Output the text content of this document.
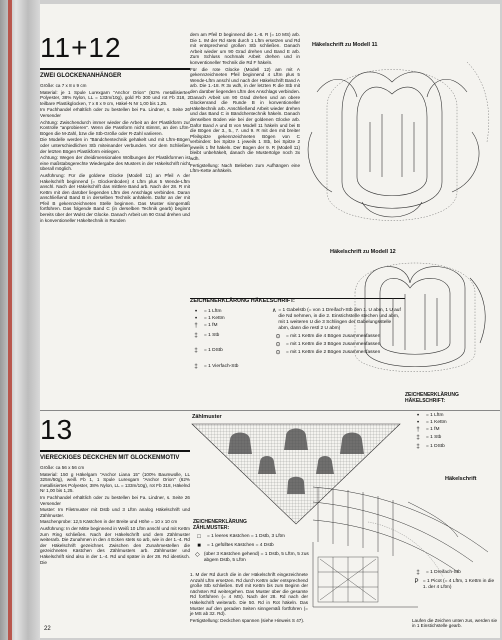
11+12
ZWEI GLOCKENANHÄNGER
Größe: ca 7 x 8 x 9 cm
Material: je 1 Spule Lurexgarn "Anchor Orion" (62% metallisiertes Polyester, 38% Nylon, LL = 133m/10g), gold Fb 300 und rot Fb 318, 2 teilbare Plastikglocken, 7 x 8 x 9 cm, Häkel-N Nr 1,00 bis 1,25.
Im Fachhandel erhältlich oder zu bestellen bei Fa. Lindner, s. Seite 26 Versender
Achtung: Zwischendurch immer wieder die Arbeit an der Plastikform zur Kontrolle "anprobieren". Wenn die Passform nicht stimmt, an den Lftm-Bögen die M-Zahl, bzw die Stb-Größe oder R-Zahl variieren.
Die Modelle werden in "Bändchentechnik gehäkelt und mit Lftm-Bögen oder unterschiedlichen Stb miteinander verbunden. Vor dem Schließen der letzten Bögen Plastikform einlegen.
Achtung: Wegen der dreidimensionalen Wölbungen der Plastikformen ist eine maßstabsgerechte Wiedergabe des Musters in der Häkelschrift nicht überall möglich.
Ausführung: Für die goldene Glocke (Modell 11) an Pfeil A der Häkelschrift beginnend (= Glockenboden) 4 Lftm plus 5 Wende-Lftm anschl. Nach der Häkelschrift das mittlere Band arb. Nach der 28. R mit Kettm mit den darüber liegenden Lftm des Anschlags verbinden. Daran anschließend Band B in derselben Technik anhäkeln. Dafür an der mit Pfeil B gekennzeichneten Stelle beginnen. Das Muster sinngemäß fortführen. Das folgende Band C (in derselben Technik gearb) beginnt bereits über der Wulst der Glocke. Danach Arbeit um 90 Grad drehen und in konventioneller Häkeltechnik in Runden
dem am Pfeil D beginnend die 1.-8. R (= 10 MS) arb. Die 1. IM der Rd stets durch 1 Lftm ersetzen und Rd mit entsprechend großen Stb schließen. Danach Arbeit wieder um 90 Grad drehen und Band E arb. Zum Schluss nochmals Arbeit drehen und in konventioneller Technik die Rd F häkeln.
Für die rote Glocke (Modell 12) am mit A gekennzeichneten Pfeil beginnend 4 Lftm plus 5 Wende-Lftm anschl und nach der Häkelschrift Band A arb. Die 1.-18. R 3x wdh, in der letzten R die Stb mit den darüber liegenden Lftm des Anschlags verbinden. Danach Arbeit um 90 Grad drehen und an obere Glockenrand die Runde B in konventioneller Häkeltechnik arb. Anschließend Arbeit wieder drehen und das Band C in Bändchentechnik häkeln. Danach denselben Boden wie bei der goldenen Glocke arb. Dafür Band A und B von Modell 11 häkeln und bei B die Bögen der 3., 5., 7. und 9. R mit den mit breiter Pfeilspitze gekennzeichneten Bögen von C verbinden: bei Spitze 1 jeweils 1 Stb, bei Spitze 2 jeweils 1 fM häkeln. Der Bogen der 9. R (Modell 11) bleibt unbehäkelt, danach die Mustertolge noch 3x wdh.
Fertigstellung: Nach Belieben zum Aufhängen eine Lftm-Kette anhäkeln.
ZEICHENERKLÄRUNG HÄKELSCHRIFT:
•	= 1 Lftm
•	= 1 Kettm
†	= 1 fM
‡	= 1 Stb
‡	= 1 DStb
‡	= 1 Vierfach-Stb
∧ = 1 Gabelstb (= von 1 Dreifach-Stb den 1. U abm, 1 U auf die Nd nehmen, in die 2. Einstichstelle stechen und abm, mit 1 weiteren U die 3 Schlingen der Gabelungsstelle abm, dann die restl 2 U abm)
⊙	= mit 1 Kettm die 4 Bögen zusammenfassen
⊙	= mit 1 Kettm die 3 Bögen zusammenfassen
⊙	= mit 1 Kettm die 2 Bögen zusammenfassen
Häkelschrift zu Modell 11
Häkelschrift zu Modell 12
13
VIERECKIGES DECKCHEN MIT GLOCKENMOTIV
Größe: ca 56 x 56 cm
Material: 150 g Häkelgarn "Anchor Liana 15" (100% Baumwolle, LL 325m/50g), weiß Fb 1, 1 Spule Lurexgarn "Anchor Orion" (62% metallisiertes Polyester, 38% Nylon, LL = 133m/10g), rot Fb 318, Häkelnd Nr 1,00 bis 1,25.
Im Fachhandel erhältlich oder zu bestellen bei Fa. Lindner, s. Seite 26 Versender
Muster: Im Filetmuster mit Dstb und 3 Lftm analog Häkelschrift und Zählmuster.
Maschenprobe: 12,5 Kästchen in der Breite und Höhe = 10 x 10 cm
Ausführung: In der Mitte beginnend in Weiß 10 Lftm anschl und mit Kettm zum Ring schließen. Nach der Häkelschrift und dem Zählmuster weiterarb. Die Zunahmen in den 4 Ecken stets so arb, wie in der 1.-4. Rd der Häkelschrift gezeichnet. Zwischen den Zunahmestellen die gezeichneten Kästchen des Zählmusters arb. Zählmuster und Häkelschrift sind also in der 1.-4. Rd und später in der 28. Rd identisch. Die
Zählmuster
ZEICHENERKLÄRUNG ZÄHLMUSTER:
□	= 1 leeres Kästchen = 1 Dstb, 3 Lftm
■	= 1 gefülltes Kästchen = 4 Dstb
◇ (über 3 Kästchen gehend) = 1 Dstb, 5 Lftm, 5 zus abgem Dstb, 5 Lftm
1. M der Rd durch die in der Häkelschrift eingezeichnete Anzahl Lftm ersetzen. Rd durch Kettm oder entsprechend große Stb schließen. Evtl mit Kettm bis zum Beginn der nächsten Rd weitergehen. Das Muster über die gesamte Rd fortführen (= 4 MS). Nach der 28. Rd nach der Häkelschrift weiterarb. Die 50. Rd in Rot häkeln. Das Muster auf den geraden Seiten sinngemäß fortführen (= je MS ab 32. Rd).
Fertigstellung: Deckchen spannen (siehe Hinweis S 47).
ZEICHENERKLÄRUNG HÄKELSCHRIFT:
•	= 1 Lftm
•	= 1 Kettm
†	= 1 fM
‡	= 1 Stb
‡	= 1 DStb
Häkelschrift
‡	= 1 Dreifach-Stb
P = 1 Picot (= 4 Lftm, 1 Kettm in die 1. der 4 Lftm)
Laufen die Zeichen unten zus, werden sie in 1 Einstichstelle gearb.
22
